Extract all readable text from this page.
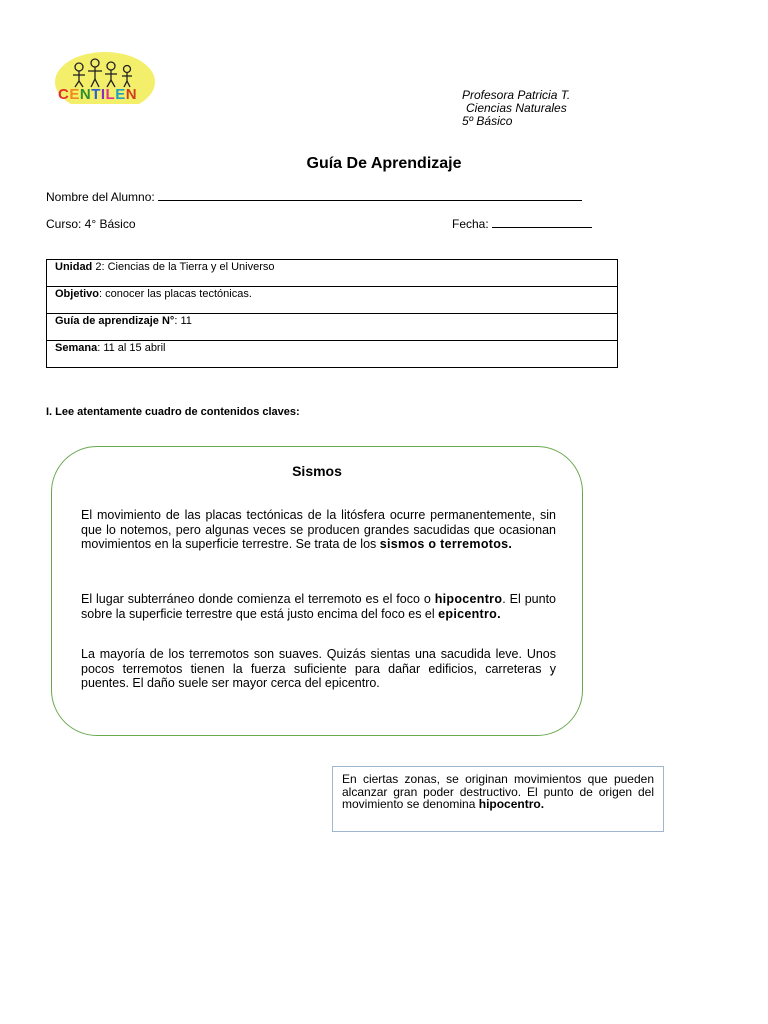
CENTILEN	Profesora Patricia T.
Ciencias Naturales
5º Básico
Guía De Aprendizaje
Nombre del Alumno:
Curso: 4° Básico	Fecha:
Unidad 2: Ciencias de la Tierra y el Universo
Objetivo: conocer las placas tectónicas.
Guía de aprendizaje N°: 11
Semana: 11 al 15 abril
I. Lee atentamente cuadro de contenidos claves:
Sismos
El movimiento de las placas tectónicas de la litósfera ocurre permanentemente, sin que lo notemos, pero algunas veces se producen grandes sacudidas que ocasionan movimientos en la superficie terrestre. Se trata de los sismos o terremotos.
El lugar subterráneo donde comienza el terremoto es el foco o hipocentro. El punto sobre la superficie terrestre que está justo encima del foco es el epicentro.
La mayoría de los terremotos son suaves. Quizás sientas una sacudida leve. Unos pocos terremotos tienen la fuerza suficiente para dañar edificios, carreteras y puentes. El daño suele ser mayor cerca del epicentro.
En ciertas zonas, se originan movimientos que pueden alcanzar gran poder destructivo. El punto de origen del movimiento se denomina hipocentro.
